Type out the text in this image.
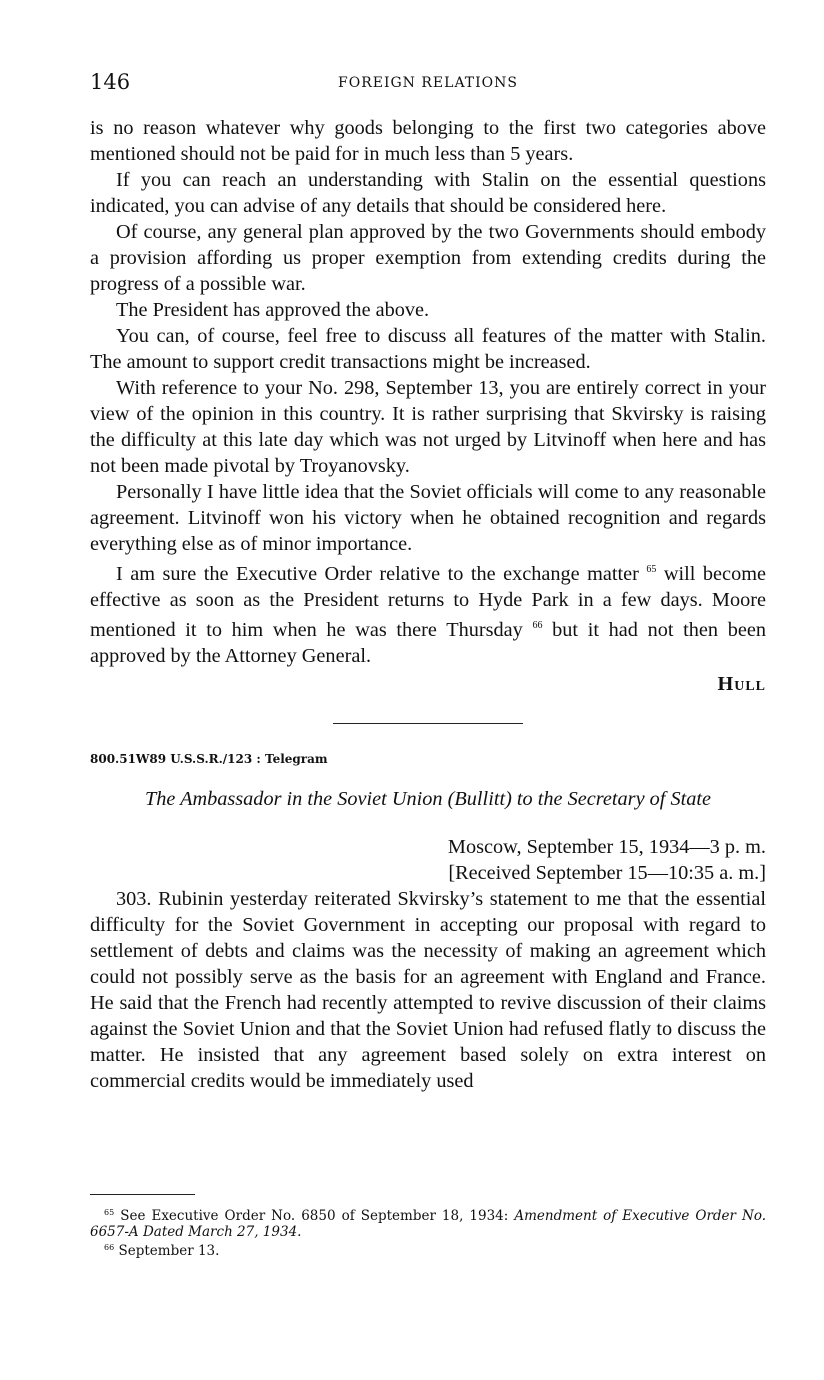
146	FOREIGN RELATIONS

is no reason whatever why goods belonging to the first two categories above mentioned should not be paid for in much less than 5 years.

If you can reach an understanding with Stalin on the essential questions indicated, you can advise of any details that should be considered here.

Of course, any general plan approved by the two Governments should embody a provision affording us proper exemption from extending credits during the progress of a possible war.

The President has approved the above.

You can, of course, feel free to discuss all features of the matter with Stalin. The amount to support credit transactions might be increased.

With reference to your No. 298, September 13, you are entirely correct in your view of the opinion in this country. It is rather surprising that Skvirsky is raising the difficulty at this late day which was not urged by Litvinoff when here and has not been made pivotal by Troyanovsky.

Personally I have little idea that the Soviet officials will come to any reasonable agreement. Litvinoff won his victory when he obtained recognition and regards everything else as of minor importance.

I am sure the Executive Order relative to the exchange matter $^{65}$ will become effective as soon as the President returns to Hyde Park in a few days. Moore mentioned it to him when he was there Thursday $^{66}$ but it had not then been approved by the Attorney General.

Hull
800.51W89 U.S.S.R./123 : Telegram
The Ambassador in the Soviet Union (Bullitt) to the Secretary of State
Moscow, September 15, 1934—3 p. m.
[Received September 15—10:35 a. m.]

303. Rubinin yesterday reiterated Skvirsky’s statement to me that the essential difficulty for the Soviet Government in accepting our proposal with regard to settlement of debts and claims was the necessity of making an agreement which could not possibly serve as the basis for an agreement with England and France. He said that the French had recently attempted to revive discussion of their claims against the Soviet Union and that the Soviet Union had refused flatly to discuss the matter. He insisted that any agreement based solely on extra interest on commercial credits would be immediately used

$^{65}$ See Executive Order No. 6850 of September 18, 1934: Amendment of Executive Order No. 6657-A Dated March 27, 1934.

$^{66}$ September 13.
